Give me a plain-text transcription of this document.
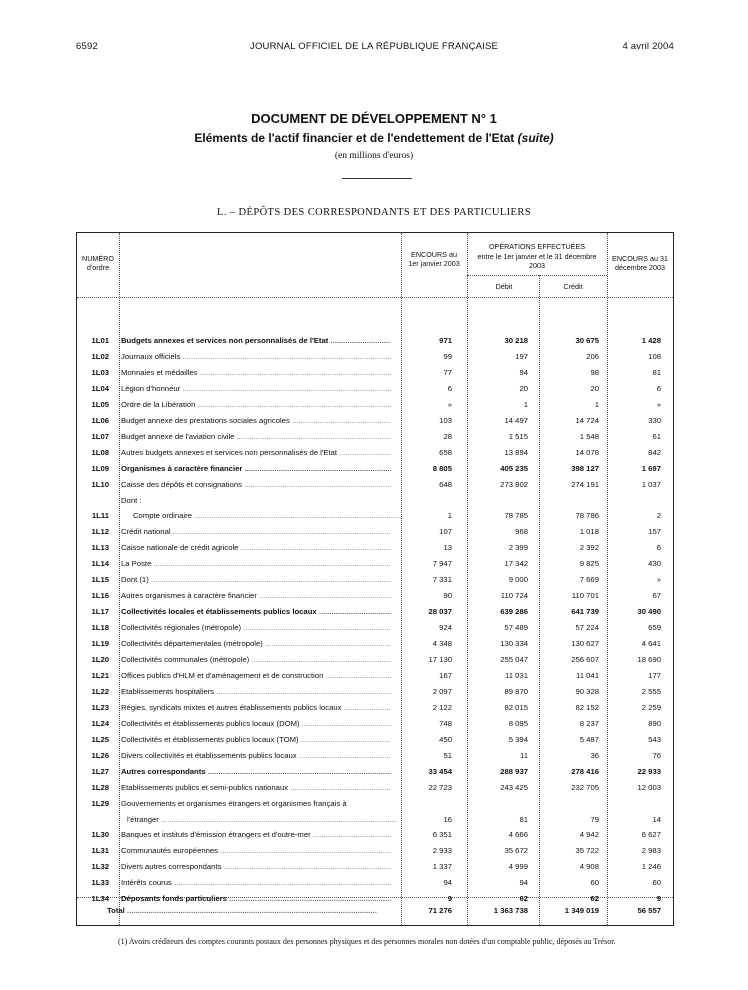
6592	JOURNAL OFFICIEL DE LA RÉPUBLIQUE FRANÇAISE	4 avril 2004
DOCUMENT DE DÉVELOPPEMENT N° 1
Eléments de l'actif financier et de l'endettement de l'Etat (suite)
(en millions d'euros)
L. – DÉPÔTS DES CORRESPONDANTS ET DES PARTICULIERS
NUMÉRO d'ordre
ENCOURS au 1er janvier 2003
OPÉRATIONS EFFECTUÉES
entre le 1er janvier et le 31 décembre 2003
Débit	Crédit
ENCOURS au 31 décembre 2003
1L01 Budgets annexes et services non personnalisés de l'Etat .....	971	30 218	30 675	1 428
1L02 Journaux officiels .....	99	197	206	108
1L03 Monnaies et médailles .....	77	94	98	81
1L04 Légion d'honneur .....	6	20	20	6
1L05 Ordre de la Libération .....	»	1	1	»
1L06 Budget annexe des prestations sociales agricoles .....	103	14 497	14 724	330
1L07 Budget annexe de l'aviation civile .....	28	1 515	1 548	61
1L08 Autres budgets annexes et services non personnalisés de l'Etat .....	658	13 894	14 078	842
1L09 Organismes à caractère financier .....	8 805	405 235	398 127	1 697
1L10 Caisse des dépôts et consignations .....	648	273 802	274 191	1 037
Dont :
1L11	Compte ordinaire .....	1	78 785	78 786	2
1L12 Crédit national .....	107	968	1 018	157
1L13 Caisse nationale de crédit agricole .....	13	2 399	2 392	6
1L14 La Poste .....	7 947	17 342	9 825	430
1L15 Dont (1) .....	7 331	9 000	7 669	»
1L16 Autres organismes à caractère financier .....	90	110 724	110 701	67
1L17 Collectivités locales et établissements publics locaux .....	28 037	639 286	641 739	30 490
1L18 Collectivités régionales (métropole) .....	924	57 489	57 224	659
1L19 Collectivités départementales (métropole) .....	4 348	130 334	130 627	4 641
1L20 Collectivités communales (métropole) .....	17 130	255 047	256 607	18 690
1L21 Offices publics d'HLM et d'aménagement et de construction .....	167	11 031	11 041	177
1L22 Etablissements hospitaliers .....	2 097	89 870	90 328	2 555
1L23 Régies, syndicats mixtes et autres établissements publics locaux .....	2 122	82 015	82 152	2 259
1L24 Collectivités et établissements publics locaux (DOM) .....	748	8 095	8 237	890
1L25 Collectivités et établissements publics locaux (TOM) .....	450	5 394	5 487	543
1L26 Divers collectivités et établissements publics locaux .....	51	11	36	76
1L27 Autres correspondants .....	33 454	288 937	278 416	22 933
1L28 Etablissements publics et semi-publics nationaux .....	22 723	243 425	232 705	12 003
1L29 Gouvernements et organismes étrangers et organismes français à
l'étranger .....	16	81	79	14
1L30 Banques et instituts d'émission étrangers et d'outre-mer .....	6 351	4 666	4 942	6 627
1L31 Communautés européennes .....	2 933	35 672	35 722	2 983
1L32 Divers autres correspondants .....	1 337	4 999	4 908	1 246
1L33 Intérêts courus .....	94	94	60	60
1L34 Déposants fonds particuliers .....	9	62	62	9
Total .....	71 276	1 363 738	1 349 019	56 557
(1) Avoirs créditeurs des comptes courants postaux des personnes physiques et des personnes morales non dotées d'un comptable public, déposés au Trésor.
